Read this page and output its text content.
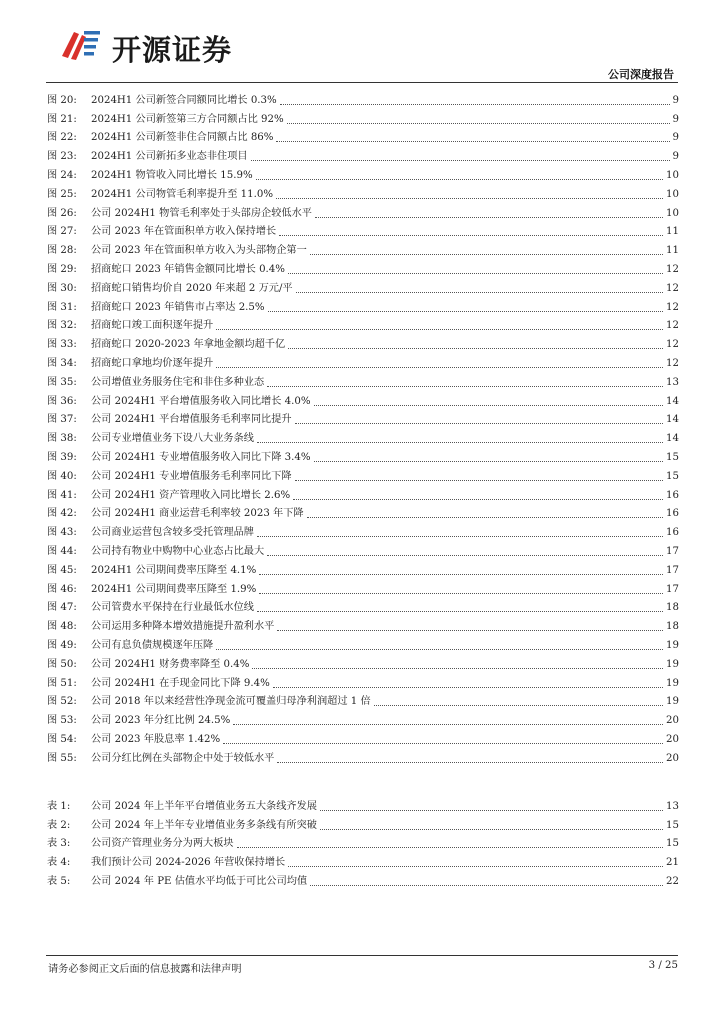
开源证券
公司深度报告
图 20:	2024H1 公司新签合同额同比增长 0.3%	9
图 21:	2024H1 公司新签第三方合同额占比 92%	9
图 22:	2024H1 公司新签非住合同额占比 86%	9
图 23:	2024H1 公司新拓多业态非住项目	9
图 24:	2024H1 物管收入同比增长 15.9%	10
图 25:	2024H1 公司物管毛利率提升至 11.0%	10
图 26:	公司 2024H1 物管毛利率处于头部房企较低水平	10
图 27:	公司 2023 年在管面积单方收入保持增长	11
图 28:	公司 2023 年在管面积单方收入为头部物企第一	11
图 29:	招商蛇口 2023 年销售金额同比增长 0.4%	12
图 30:	招商蛇口销售均价自 2020 年来超 2 万元/平	12
图 31:	招商蛇口 2023 年销售市占率达 2.5%	12
图 32:	招商蛇口竣工面积逐年提升	12
图 33:	招商蛇口 2020-2023 年拿地金额均超千亿	12
图 34:	招商蛇口拿地均价逐年提升	12
图 35:	公司增值业务服务住宅和非住多种业态	13
图 36:	公司 2024H1 平台增值服务收入同比增长 4.0%	14
图 37:	公司 2024H1 平台增值服务毛利率同比提升	14
图 38:	公司专业增值业务下设八大业务条线	14
图 39:	公司 2024H1 专业增值服务收入同比下降 3.4%	15
图 40:	公司 2024H1 专业增值服务毛利率同比下降	15
图 41:	公司 2024H1 资产管理收入同比增长 2.6%	16
图 42:	公司 2024H1 商业运营毛利率较 2023 年下降	16
图 43:	公司商业运营包含较多受托管理品牌	16
图 44:	公司持有物业中购物中心业态占比最大	17
图 45:	2024H1 公司期间费率压降至 4.1%	17
图 46:	2024H1 公司期间费率压降至 1.9%	17
图 47:	公司管费水平保持在行业最低水位线	18
图 48:	公司运用多种降本增效措施提升盈利水平	18
图 49:	公司有息负债规模逐年压降	19
图 50:	公司 2024H1 财务费率降至 0.4%	19
图 51:	公司 2024H1 在手现金同比下降 9.4%	19
图 52:	公司 2018 年以来经营性净现金流可覆盖归母净利润超过 1 倍	19
图 53:	公司 2023 年分红比例 24.5%	20
图 54:	公司 2023 年股息率 1.42%	20
图 55:	公司分红比例在头部物企中处于较低水平	20
表 1:	公司 2024 年上半年平台增值业务五大条线齐发展	13
表 2:	公司 2024 年上半年专业增值业务多条线有所突破	15
表 3:	公司资产管理业务分为两大板块	15
表 4:	我们预计公司 2024-2026 年营收保持增长	21
表 5:	公司 2024 年 PE 估值水平均低于可比公司均值	22
请务必参阅正文后面的信息披露和法律声明	3 / 25
